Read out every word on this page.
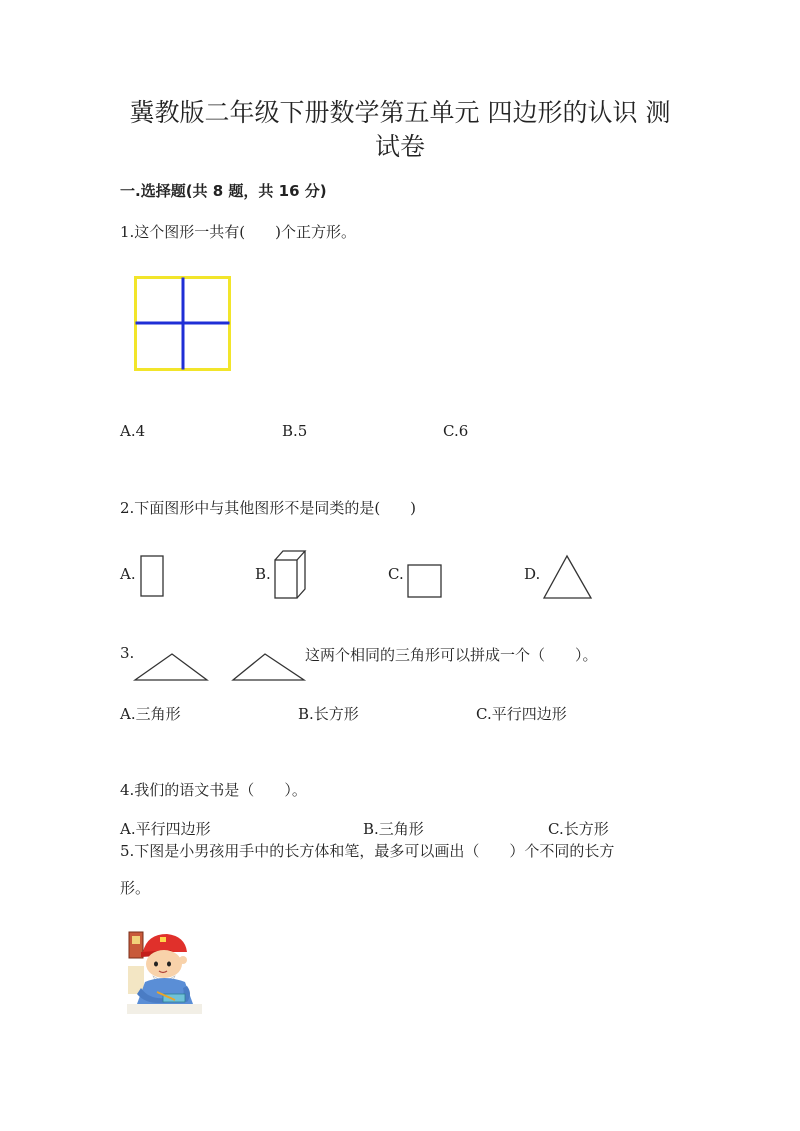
冀教版二年级下册数学第五单元 四边形的认识 测
试卷
一.选择题(共 8 题，共 16 分)
1.这个图形一共有(　　)个正方形。
A.4	B.5	C.6
2.下面图形中与其他图形不是同类的是(　　)
A.	B.	C.	D.
3.	这两个相同的三角形可以拼成一个（　　）。
A.三角形	B.长方形	C.平行四边形
4.我们的语文书是（　　）。
A.平行四边形	B.三角形	C.长方形
5.下图是小男孩用手中的长方体和笔，最多可以画出（　　）个不同的长方
形。
